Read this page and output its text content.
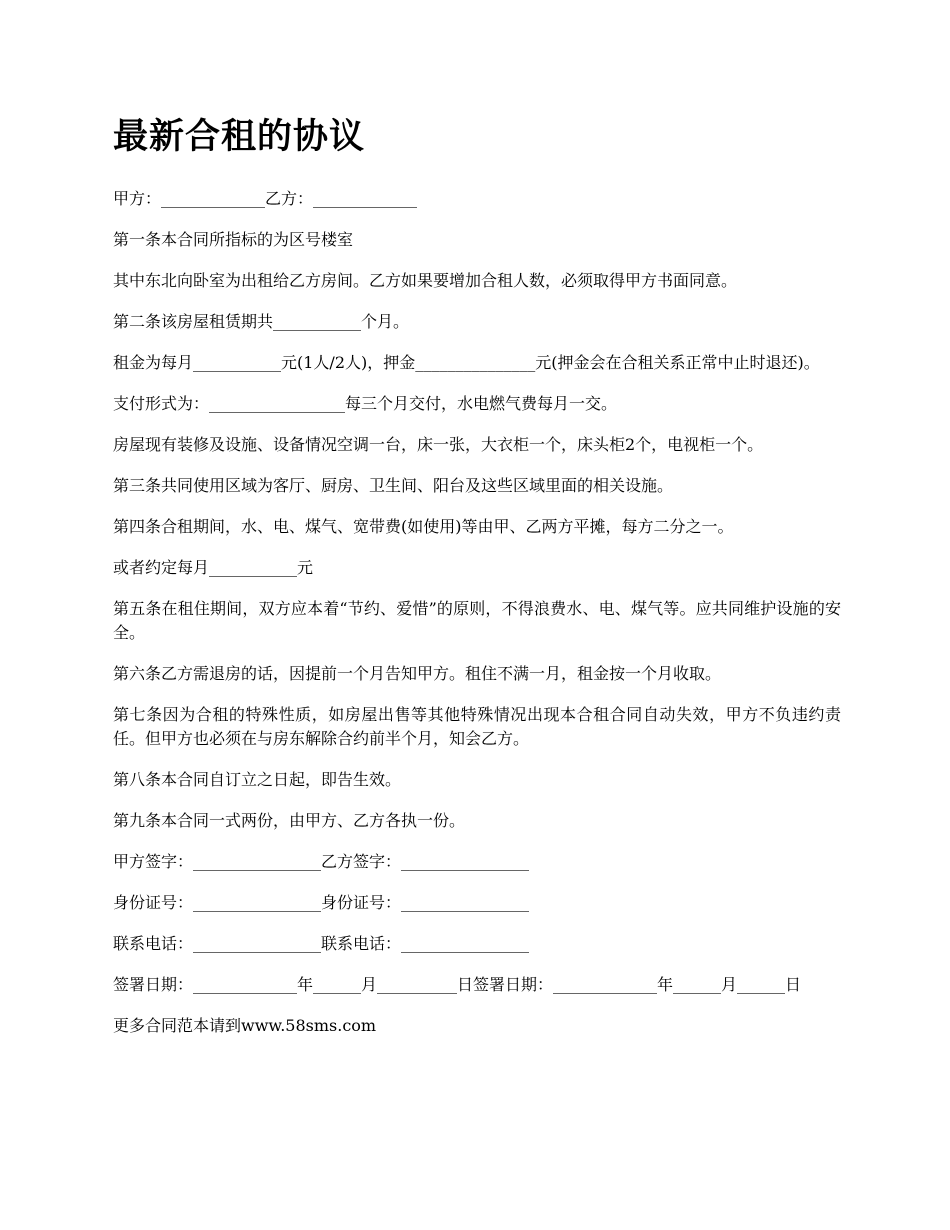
最新合租的协议

甲方：_____________乙方：_____________

第一条本合同所指标的为区号楼室

其中东北向卧室为出租给乙方房间。乙方如果要增加合租人数，必须取得甲方书面同意。

第二条该房屋租赁期共___________个月。

租金为每月___________元(1人/2人)，押金_______________元(押金会在合租关系正常中止时退还)。

支付形式为：_________________每三个月交付，水电燃气费每月一交。

房屋现有装修及设施、设备情况空调一台，床一张，大衣柜一个，床头柜2个，电视柜一个。

第三条共同使用区域为客厅、厨房、卫生间、阳台及这些区域里面的相关设施。

第四条合租期间，水、电、煤气、宽带费(如使用)等由甲、乙两方平摊，每方二分之一。

或者约定每月___________元

第五条在租住期间，双方应本着“节约、爱惜”的原则，不得浪费水、电、煤气等。应共同维护设施的安全。

第六条乙方需退房的话，因提前一个月告知甲方。租住不满一月，租金按一个月收取。

第七条因为合租的特殊性质，如房屋出售等其他特殊情况出现本合租合同自动失效，甲方不负违约责任。但甲方也必须在与房东解除合约前半个月，知会乙方。

第八条本合同自订立之日起，即告生效。

第九条本合同一式两份，由甲方、乙方各执一份。

甲方签字：________________乙方签字：________________

身份证号：________________身份证号：________________

联系电话：________________联系电话：________________

签署日期：_____________年______月__________日签署日期：_____________年______月______日

更多合同范本请到www.58sms.com
